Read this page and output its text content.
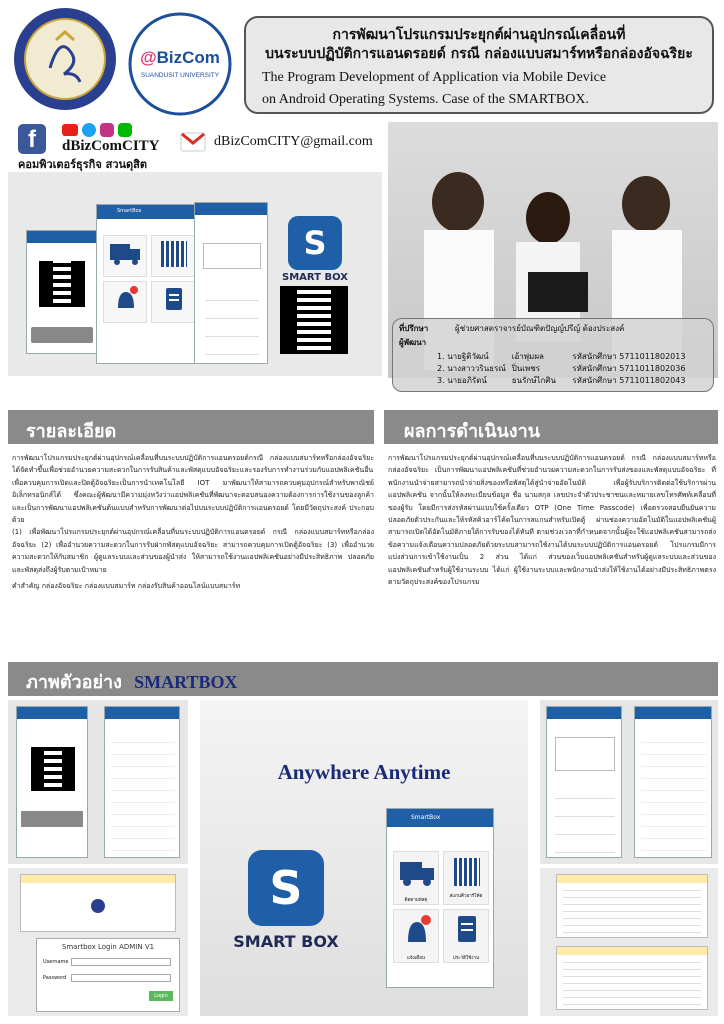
@BizCom
SUANDUSIT UNIVERSITY
การพัฒนาโปรแกรมประยุกต์ผ่านอุปกรณ์เคลื่อนที่
บนระบบปฏิบัติการแอนดรอยด์ กรณี กล่องแบบสมาร์ทหรือกล่องอัจฉริยะ
The Program Development of Application via Mobile Device
on Android Operating Systems. Case of the SMARTBOX.
f	dBizComCITY
คอมพิวเตอร์ธุรกิจ สวนดุสิต
dBizComCITY@gmail.com
SmartBox
S
SMART BOX
ที่ปรึกษา	ผู้ช่วยศาสตราจารย์บัณฑิตปัญญ์ปรีญ์ ต้องประสงค์
ผู้พัฒนา
1. นายฐิติวัฒน์	เอ้าพุ่มผล	รหัสนักศึกษา 5711011802013
2. นางสาววรินธรณ์ ปิ่นเพชร	รหัสนักศึกษา 5711011802036
3. นายอภิรัตน์	ธนรักษ์ไกศิน รหัสนักศึกษา 5711011802043
รายละเอียด	ผลการดำเนินงาน

การพัฒนาโปรแกรมประยุกต์ผ่านอุปกรณ์เคลื่อนที่บนระบบปฏิบัติการแอนดรอยด์กรณี กล่องแบบสมาร์ทหรือกล่องอัจฉริยะ ได้จัดทำขึ้นเพื่อช่วยอำนวยความสะดวกในการรับสินค้าและพัสดุแบบอัจฉริยะและรองรับการทำงานร่วมกับแอปพลิเคชันอื่น เพื่อควบคุมการเปิดและปิดตู้อัจฉริยะเป็นการนำเทคโนโลยี IOT มาพัฒนาให้สามารถควบคุมอุปกรณ์สำหรับพาณิชย์อิเล็กทรอนิกส์ได้ ซึ่งคณะผู้พัฒนามีความมุ่งหวังว่าแอปพลิเคชันที่พัฒนาจะตอบสนองความต้องการการใช้งานของลูกค้าและเป็นการพัฒนาแอปพลิเคชันต้นแบบสำหรับการพัฒนาต่อไปบนระบบปฏิบัติการแอนดรอยด์ โดยมีวัตถุประสงค์ ประกอบด้วย

(1) เพื่อพัฒนาโปรแกรมประยุกต์ผ่านอุปกรณ์เคลื่อนที่บนระบบปฏิบัติการแอนดรอยด์ กรณี กล่องแบบสมาร์ทหรือกล่องอัจฉริยะ (2) เพื่ออำนวยความสะดวกในการรับฝากพัสดุแบบอัจฉริยะ สามารถควบคุมการเปิดตู้อัจฉริยะ (3) เพื่ออำนวยความสะดวกให้กับสมาชิก ผู้ดูแลระบบและส่วนของผู้นำส่ง ให้สามารถใช้งานแอปพลิเคชันอย่างมีประสิทธิภาพ ปลอดภัยและพัสดุส่งถึงผู้รับตามเป้าหมาย

คำสำคัญ กล่องอัจฉริยะ กล่องแบบสมาร์ท กล่องรับสินค้าออนไลน์แบบสมาร์ท

การพัฒนาโปรแกรมประยุกต์ผ่านอุปกรณ์เคลื่อนที่บนระบบปฏิบัติการแอนดรอยด์ กรณี กล่องแบบสมาร์ทหรือกล่องอัจฉริยะ เป็นการพัฒนาแอปพลิเคชันที่ช่วยอำนวยความสะดวกในการรับส่งของและพัสดุแบบอัจฉริยะ ที่พนักงานนำจ่ายสามารถนำจ่ายสิ่งของหรือพัสดุได้สู่นำจ่ายอัตโนมัติ เพื่อผู้รับบริการติดต่อใช้บริการผ่านแอปพลิเคชัน จากนั้นให้ลงทะเบียนข้อมูล ชื่อ นามสกุล เลขประจำตัวประชาชนและหมายเลขโทรศัพท์เคลื่อนที่ของผู้รับ โดยมีการส่งรหัสผ่านแบบใช้ครั้งเดียว OTP (One Time Passcode) เพื่อตรวจสอบยืนยันความปลอดภัยตัวประกันและให้รหัสคิวอาร์โค้ดในการสแกนสำหรับเปิดตู้ ผ่านช่องความอัตโนมัติในแอปพลิเคชันผู้สามารถเปิดได้อัตโนมัติภายใต้การรับของได้ทันที ตามช่วงเวลาที่กำหนดจากนั้นผู้จะใช้แอปพลิเคชันสามารถส่งข้อความแจ้งเตือนความปลอดภัยด้วยระบบสามารถใช้งานได้บนระบบปฏิบัติการแอนดรอยด์ โปรแกรมมีการแบ่งส่วนการเข้าใช้งานเป็น 2 ส่วน ได้แก่ ส่วนของเว็บแอปพลิเคชันสำหรับผู้ดูแลระบบและส่วนของแอปพลิเคชันสำหรับผู้ใช้งานระบบ ได้แก่ ผู้ใช้งานระบบและพนักงานนำส่งให้ใช้งานได้อย่างมีประสิทธิภาพตรงตามวัตถุประสงค์ของโปรแกรม

ภาพตัวอย่าง SMARTBOX
Anywhere Anytime
S
SMART BOX
SmartBox
ติดตามพัสดุ
สแกนคิวอาร์โค้ด
แจ้งเตือน	ประวัติใช้งาน
Smartbox Login ADMIN V1
Username
Password
Login
